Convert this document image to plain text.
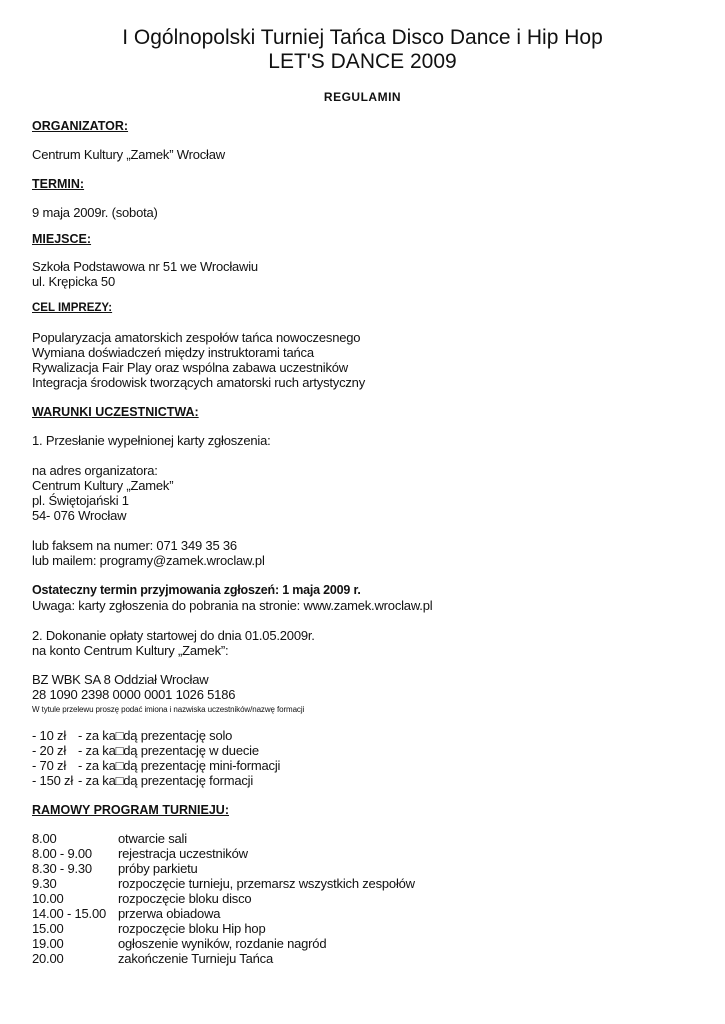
I Ogólnopolski Turniej Tańca Disco Dance i Hip Hop
LET'S DANCE 2009
REGULAMIN
ORGANIZATOR:
Centrum Kultury „Zamek” Wrocław
TERMIN:
9 maja 2009r. (sobota)
MIEJSCE:
Szkoła Podstawowa nr 51 we Wrocławiu
ul. Krępicka 50
CEL IMPREZY:
Popularyzacja amatorskich zespołów tańca nowoczesnego
Wymiana doświadczeń między instruktorami tańca
Rywalizacja Fair Play oraz wspólna zabawa uczestników
Integracja środowisk tworzących amatorski ruch artystyczny
WARUNKI UCZESTNICTWA:
1. Przesłanie wypełnionej karty zgłoszenia:
na adres organizatora:
Centrum Kultury „Zamek”
pl. Świętojański 1
54- 076 Wrocław
lub faksem na numer: 071 349 35 36
lub mailem: programy@zamek.wroclaw.pl
Ostateczny termin przyjmowania zgłoszeń: 1 maja 2009 r.
Uwaga: karty zgłoszenia do pobrania na stronie: www.zamek.wroclaw.pl
2. Dokonanie opłaty startowej do dnia 01.05.2009r.
na konto Centrum Kultury „Zamek”:
BZ WBK SA 8 Oddział Wrocław
28 1090 2398 0000 0001 1026 5186
W tytule przelewu proszę podać imiona i nazwiska uczestników/nazwę formacji
- 10 zł - za ka□dą prezentację solo
- 20 zł - za ka□dą prezentację w duecie
- 70 zł - za ka□dą prezentację mini-formacji
- 150 zł - za ka□dą prezentację formacji
RAMOWY PROGRAM TURNIEJU:
8.00	otwarcie sali
8.00 - 9.00	rejestracja uczestników
8.30 - 9.30	próby parkietu
9.30	rozpoczęcie turnieju, przemarsz wszystkich zespołów
10.00	rozpoczęcie bloku disco
14.00 - 15.00 przerwa obiadowa
15.00	rozpoczęcie bloku Hip hop
19.00	ogłoszenie wyników, rozdanie nagród
20.00	zakończenie Turnieju Tańca
